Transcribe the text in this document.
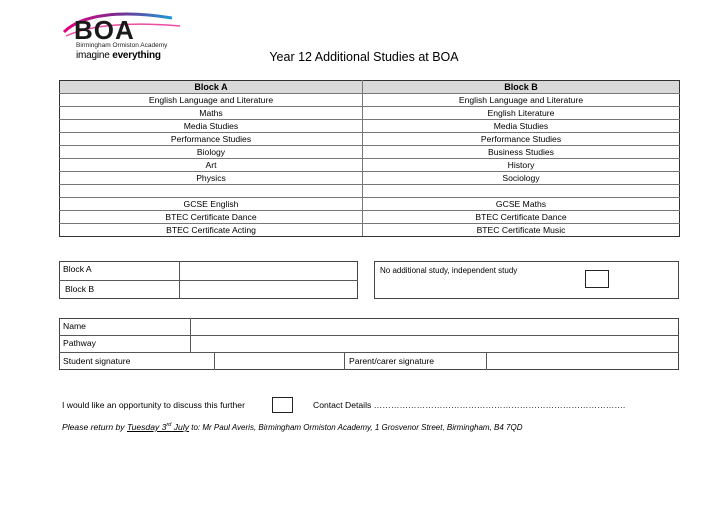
BOA
Birmingham Ormiston Academy
imagine everything	Year 12 Additional Studies at BOA
Block A	Block B
English Language and Literature	English Language and Literature
Maths	English Literature
Media Studies	Media Studies
Performance Studies	Performance Studies
Biology	Business Studies
Art	History
Physics	Sociology

GCSE English	GCSE Maths
BTEC Certificate Dance	BTEC Certificate Dance
BTEC Certificate Acting	BTEC Certificate Music
Block A
Block B
No additional study, independent study
Name
Pathway
Student signature	Parent/carer signature
I would like an opportunity to discuss this further	Contact Details …………………………………………………………………………….
Please return by Tuesday 3rd July to: Mr Paul Averis, Birmingham Ormiston Academy, 1 Grosvenor Street, Birmingham, B4 7QD
